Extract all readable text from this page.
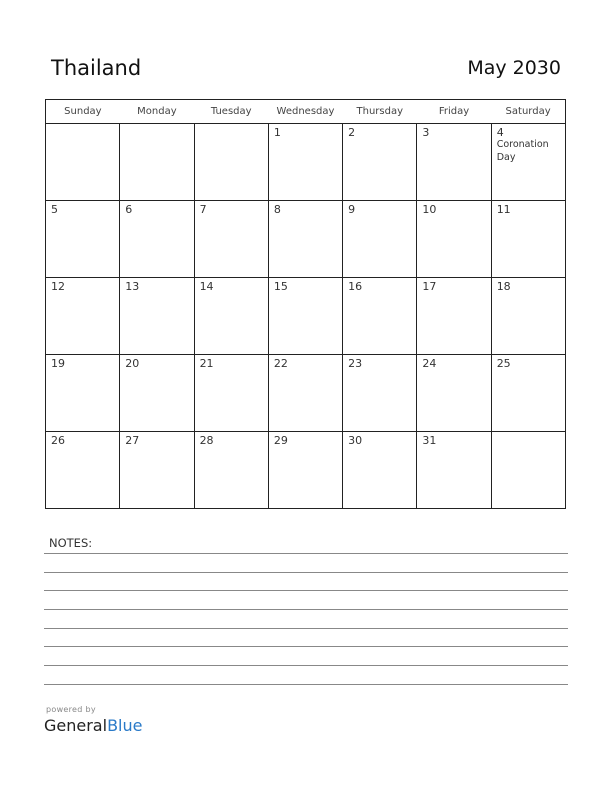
Thailand	May 2030
Sunday	Monday	Tuesday	Wednesday	Thursday	Friday	Saturday

			1	2	3	4
Coronation Day

5	6	7	8	9	10	11

12	13	14	15	16	17	18

19	20	21	22	23	24	25

26	27	28	29	30	31	

NOTES:
powered by
GeneralBlue
